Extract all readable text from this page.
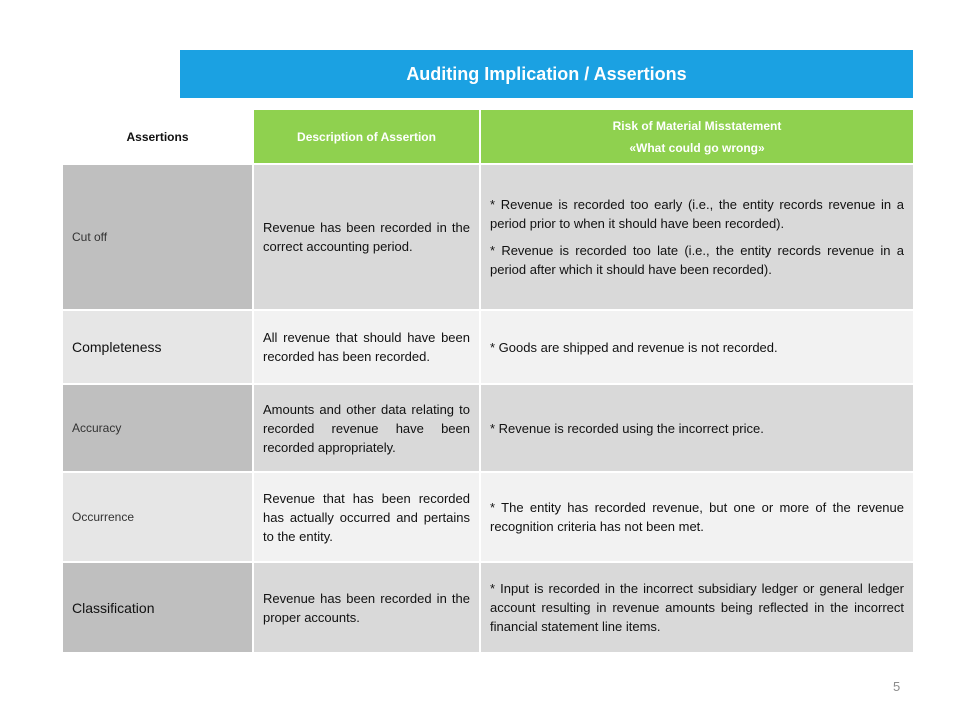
Auditing Implication / Assertions
Assertions	Description of Assertion	Risk of Material Misstatement
«What could go wrong»

Cut off	Revenue has been recorded in the correct accounting period.	* Revenue is recorded too early (i.e., the entity records revenue in a period prior to when it should have been recorded).

* Revenue is recorded too late (i.e., the entity records revenue in a period after which it should have been recorded).

Completeness	All revenue that should have been recorded has been recorded.	* Goods are shipped and revenue is not recorded.

Accuracy	Amounts and other data relating to recorded revenue have been recorded appropriately.	* Revenue is recorded using the incorrect price.

Occurrence	Revenue that has been recorded has actually occurred and pertains to the entity.	* The entity has recorded revenue, but one or more of the revenue recognition criteria has not been met.

Classification	Revenue has been recorded in the proper accounts.	* Input is recorded in the incorrect subsidiary ledger or general ledger account resulting in revenue amounts being reflected in the incorrect financial statement line items.

5
